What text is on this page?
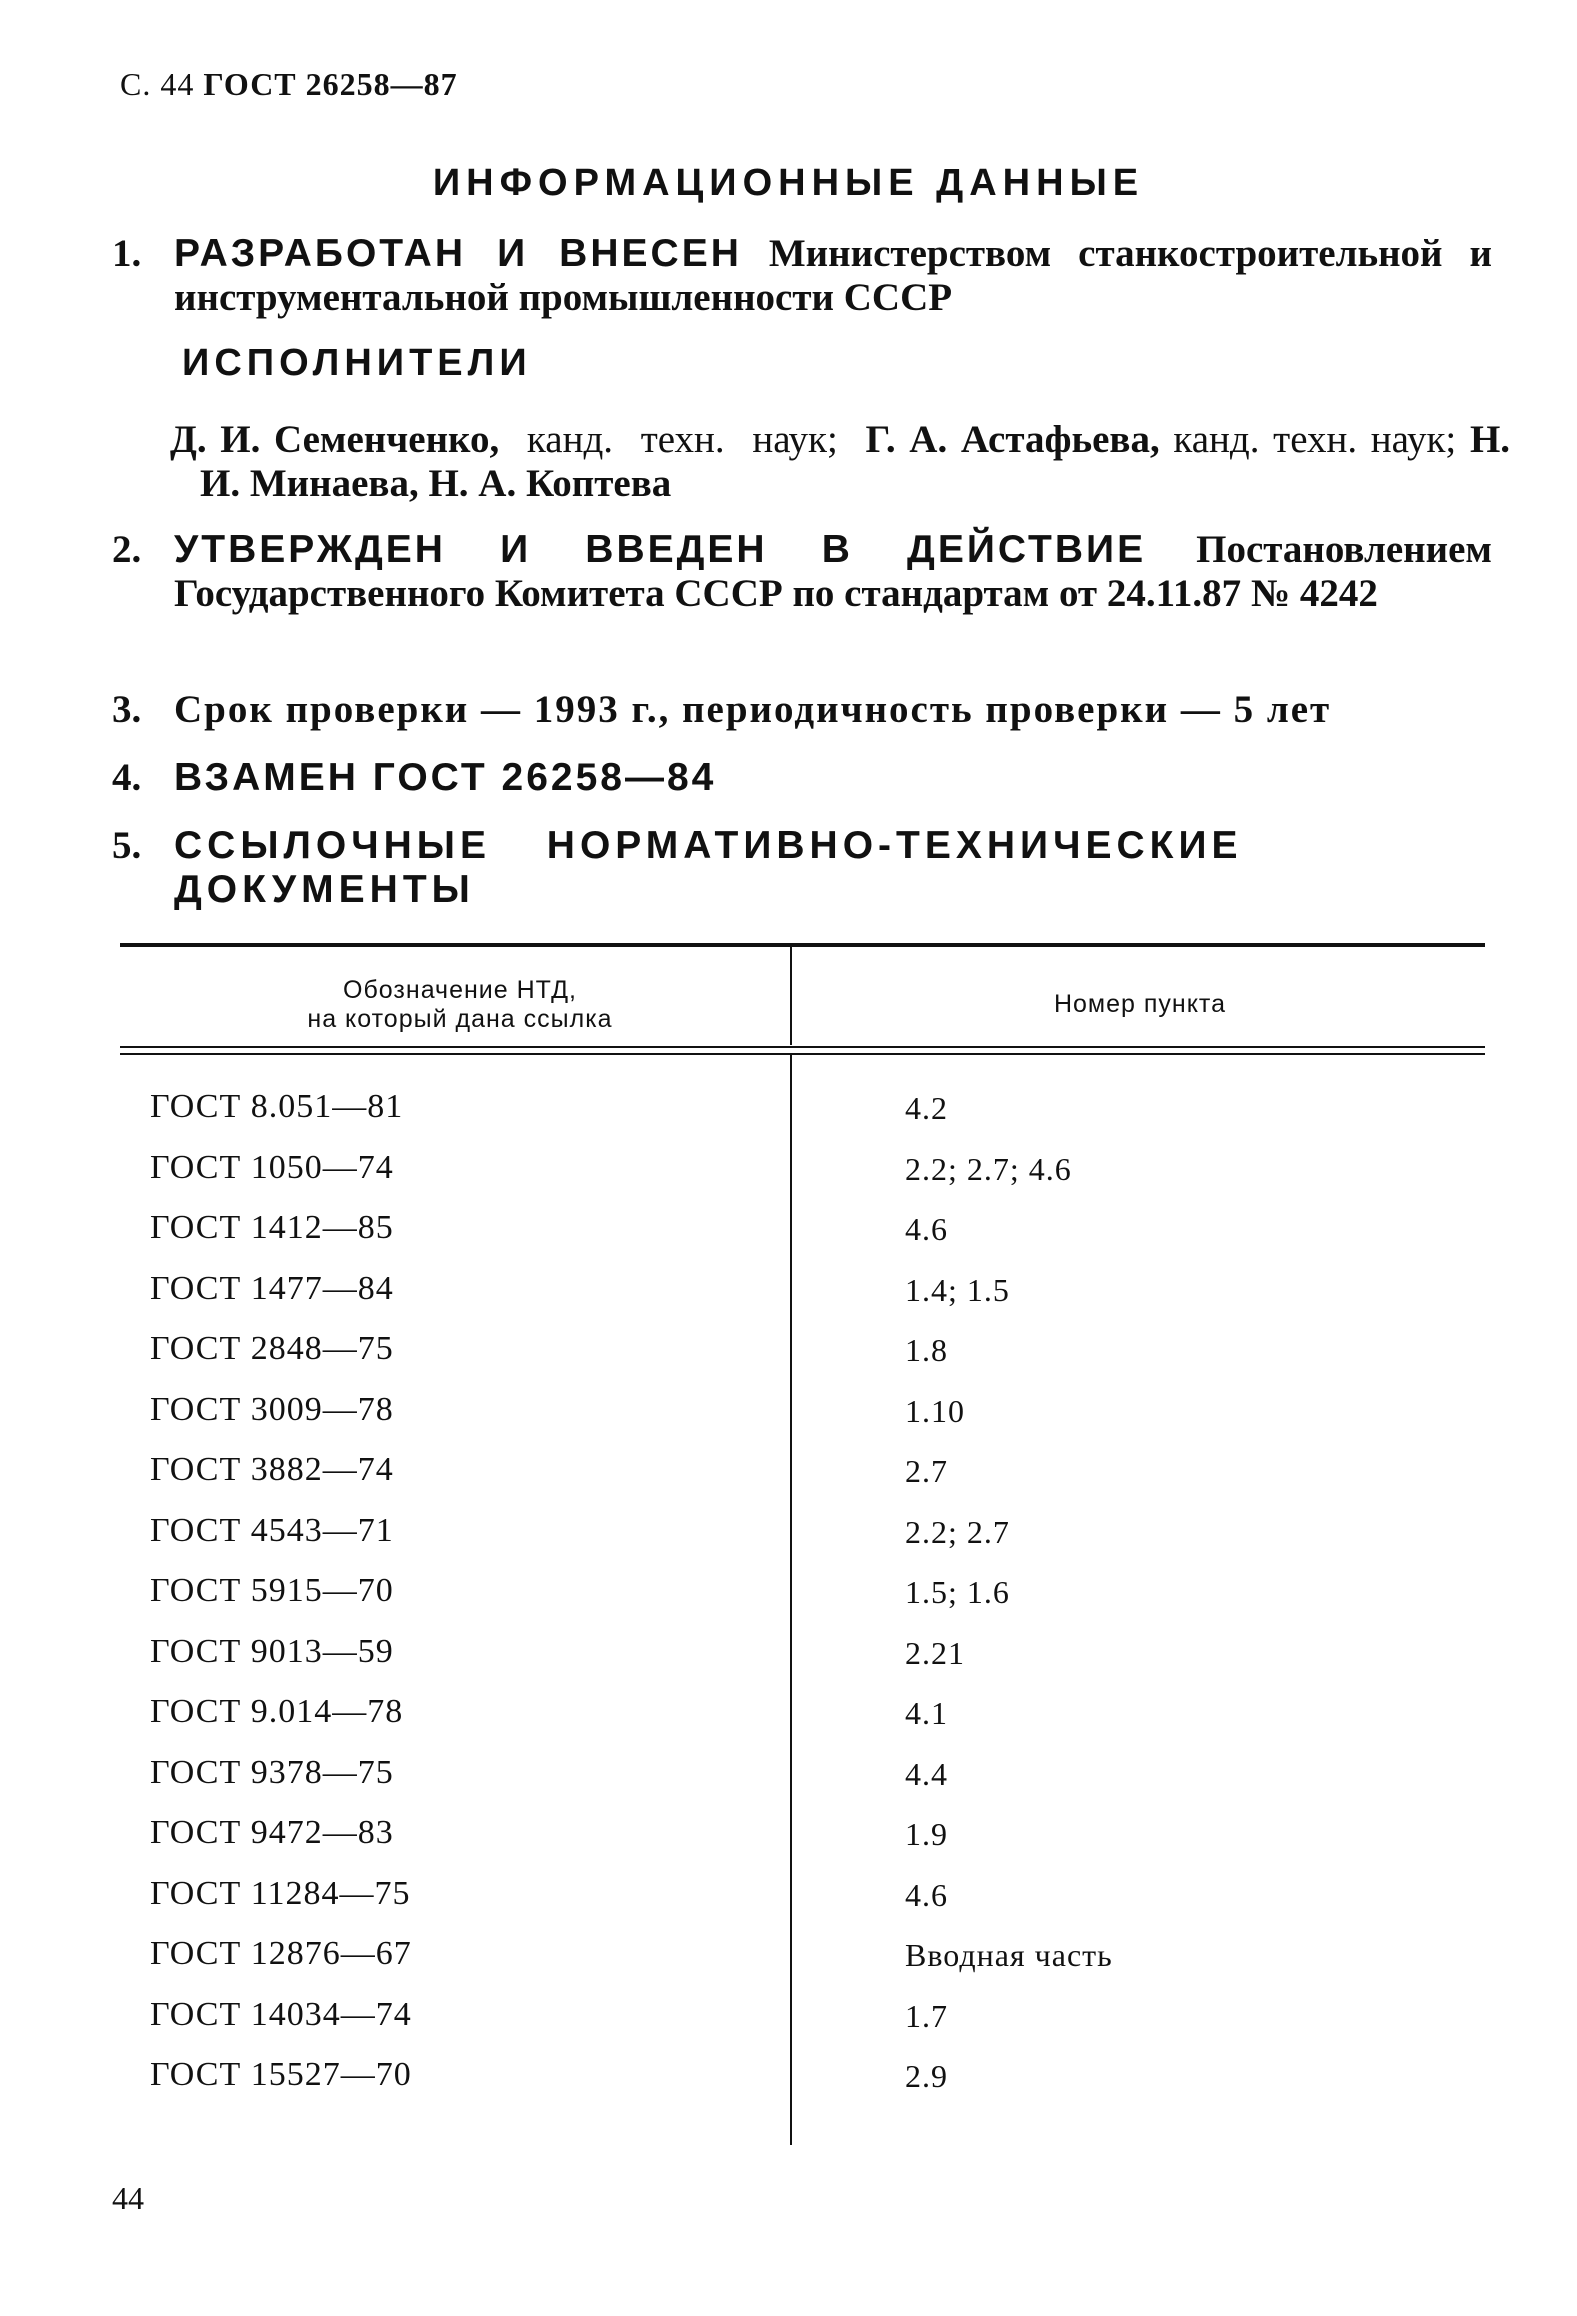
С. 44 ГОСТ 26258—87
ИНФОРМАЦИОННЫЕ ДАННЫЕ
1. РАЗРАБОТАН И ВНЕСЕН Министерством станкостроительной и инструментальной промышленности СССР
ИСПОЛНИТЕЛИ
Д. И. Семенченко, канд. техн. наук; Г. А. Астафьева, канд. техн. наук; Н. И. Минаева, Н. А. Коптева
2. УТВЕРЖДЕН И ВВЕДЕН В ДЕЙСТВИЕ Постановлением Государственного Комитета СССР по стандартам от 24.11.87 № 4242
3. Срок проверки — 1993 г., периодичность проверки — 5 лет
4. ВЗАМЕН ГОСТ 26258—84
5. ССЫЛОЧНЫЕ НОРМАТИВНО-ТЕХНИЧЕСКИЕ ДОКУМЕНТЫ
Обозначение НТД,
на который дана ссылка
Номер пункта
ГОСТ 8.051—81	4.2
ГОСТ 1050—74	2.2; 2.7; 4.6
ГОСТ 1412—85	4.6
ГОСТ 1477—84	1.4; 1.5
ГОСТ 2848—75	1.8
ГОСТ 3009—78	1.10
ГОСТ 3882—74	2.7
ГОСТ 4543—71	2.2; 2.7
ГОСТ 5915—70	1.5; 1.6
ГОСТ 9013—59	2.21
ГОСТ 9.014—78	4.1
ГОСТ 9378—75	4.4
ГОСТ 9472—83	1.9
ГОСТ 11284—75	4.6
ГОСТ 12876—67	Вводная часть
ГОСТ 14034—74	1.7
ГОСТ 15527—70	2.9
44
